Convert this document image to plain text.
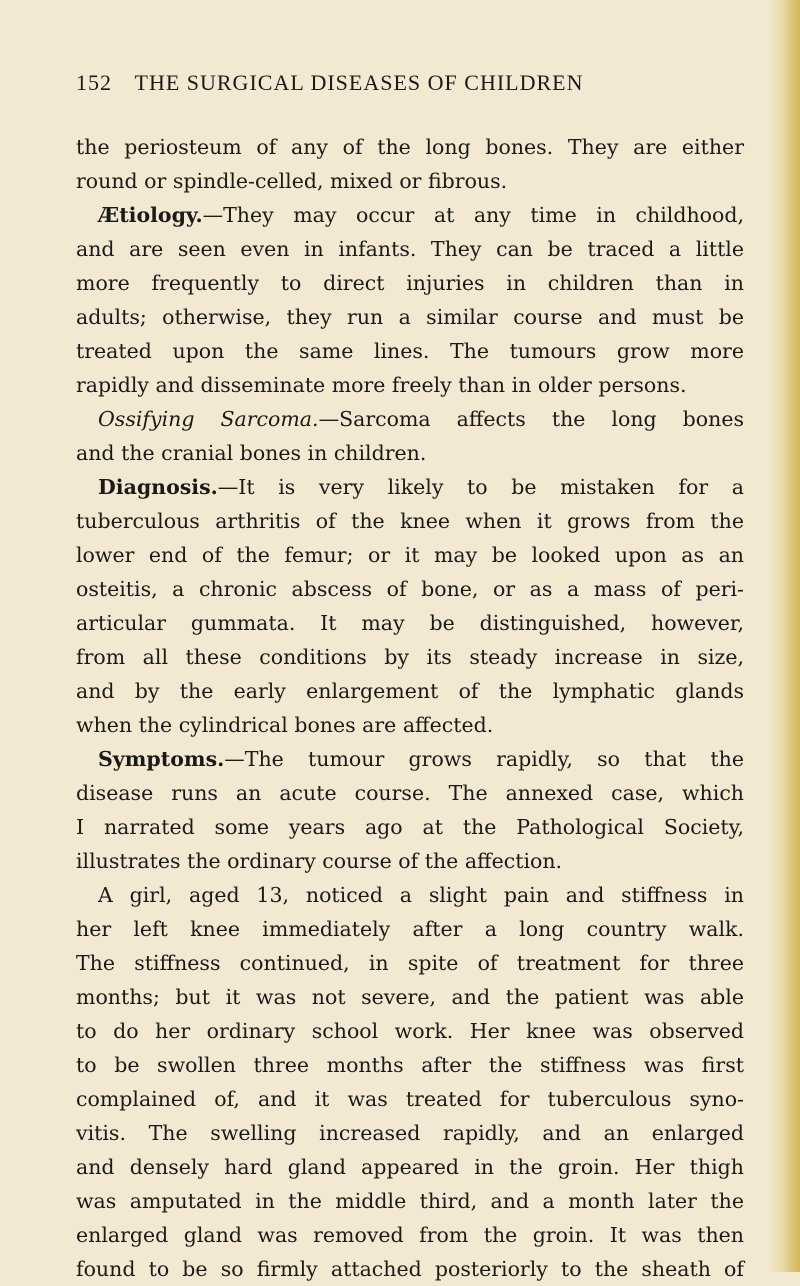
152 THE SURGICAL DISEASES OF CHILDREN
the periosteum of any of the long bones. They are either
round or spindle-celled, mixed or fibrous.
Ætiology.—They may occur at any time in childhood,
and are seen even in infants. They can be traced a little
more frequently to direct injuries in children than in
adults; otherwise, they run a similar course and must be
treated upon the same lines. The tumours grow more
rapidly and disseminate more freely than in older persons.
Ossifying Sarcoma.—Sarcoma affects the long bones
and the cranial bones in children.
Diagnosis.—It is very likely to be mistaken for a
tuberculous arthritis of the knee when it grows from the
lower end of the femur; or it may be looked upon as an
osteitis, a chronic abscess of bone, or as a mass of peri-
articular gummata. It may be distinguished, however,
from all these conditions by its steady increase in size,
and by the early enlargement of the lymphatic glands
when the cylindrical bones are affected.
Symptoms.—The tumour grows rapidly, so that the
disease runs an acute course. The annexed case, which
I narrated some years ago at the Pathological Society,
illustrates the ordinary course of the affection.
A girl, aged 13, noticed a slight pain and stiffness in
her left knee immediately after a long country walk.
The stiffness continued, in spite of treatment for three
months; but it was not severe, and the patient was able
to do her ordinary school work. Her knee was observed
to be swollen three months after the stiffness was first
complained of, and it was treated for tuberculous syno-
vitis. The swelling increased rapidly, and an enlarged
and densely hard gland appeared in the groin. Her thigh
was amputated in the middle third, and a month later the
enlarged gland was removed from the groin. It was then
found to be so firmly attached posteriorly to the sheath of
